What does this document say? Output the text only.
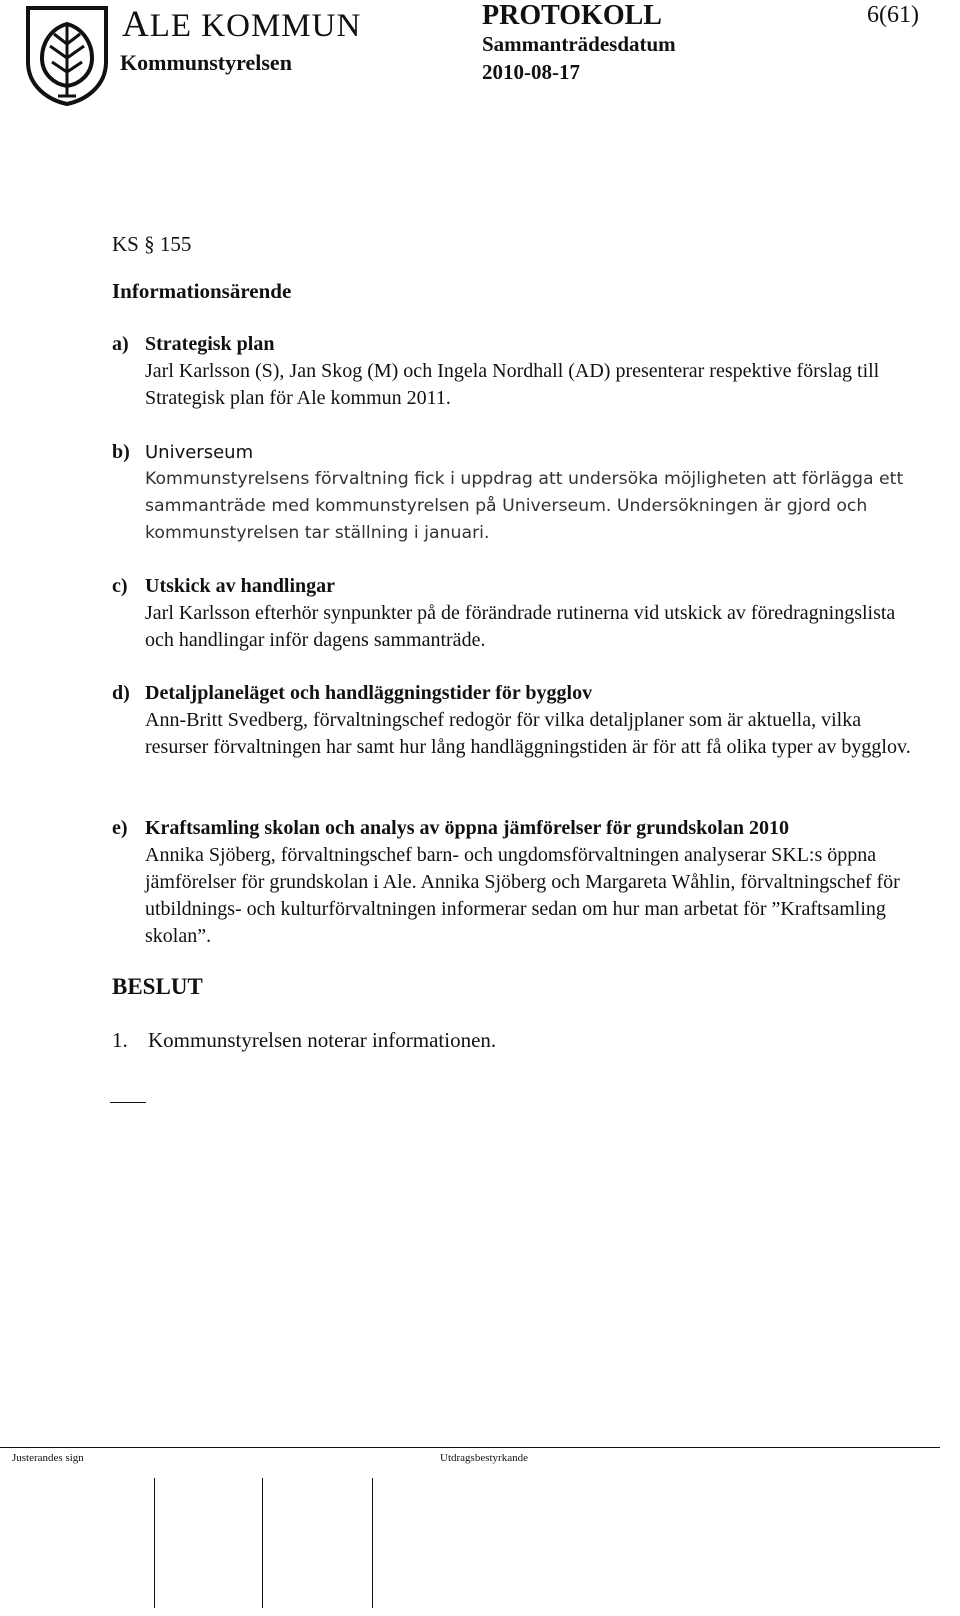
ALE KOMMUN
Kommunstyrelsen
PROTOKOLL	6(61)
Sammanträdesdatum
2010-08-17
KS § 155
Informationsärende
a) Strategisk plan
Jarl Karlsson (S), Jan Skog (M) och Ingela Nordhall (AD) presenterar respektive förslag till Strategisk plan för Ale kommun 2011.
b) Universeum
Kommunstyrelsens förvaltning fick i uppdrag att undersöka möjligheten att förlägga ett sammanträde med kommunstyrelsen på Universeum. Undersökningen är gjord och kommunstyrelsen tar ställning i januari.
c) Utskick av handlingar
Jarl Karlsson efterhör synpunkter på de förändrade rutinerna vid utskick av föredragningslista och handlingar inför dagens sammanträde.
d) Detaljplaneläget och handläggningstider för bygglov
Ann-Britt Svedberg, förvaltningschef redogör för vilka detaljplaner som är aktuella, vilka resurser förvaltningen har samt hur lång handläggningstiden är för att få olika typer av bygglov.
e) Kraftsamling skolan och analys av öppna jämförelser för grundskolan 2010
Annika Sjöberg, förvaltningschef barn- och ungdomsförvaltningen analyserar SKL:s öppna jämförelser för grundskolan i Ale. Annika Sjöberg och Margareta Wåhlin, förvaltningschef för utbildnings- och kulturförvaltningen informerar sedan om hur man arbetat för ”Kraftsamling skolan”.
BESLUT
1. Kommunstyrelsen noterar informationen.
Justerandes sign	Utdragsbestyrkande
